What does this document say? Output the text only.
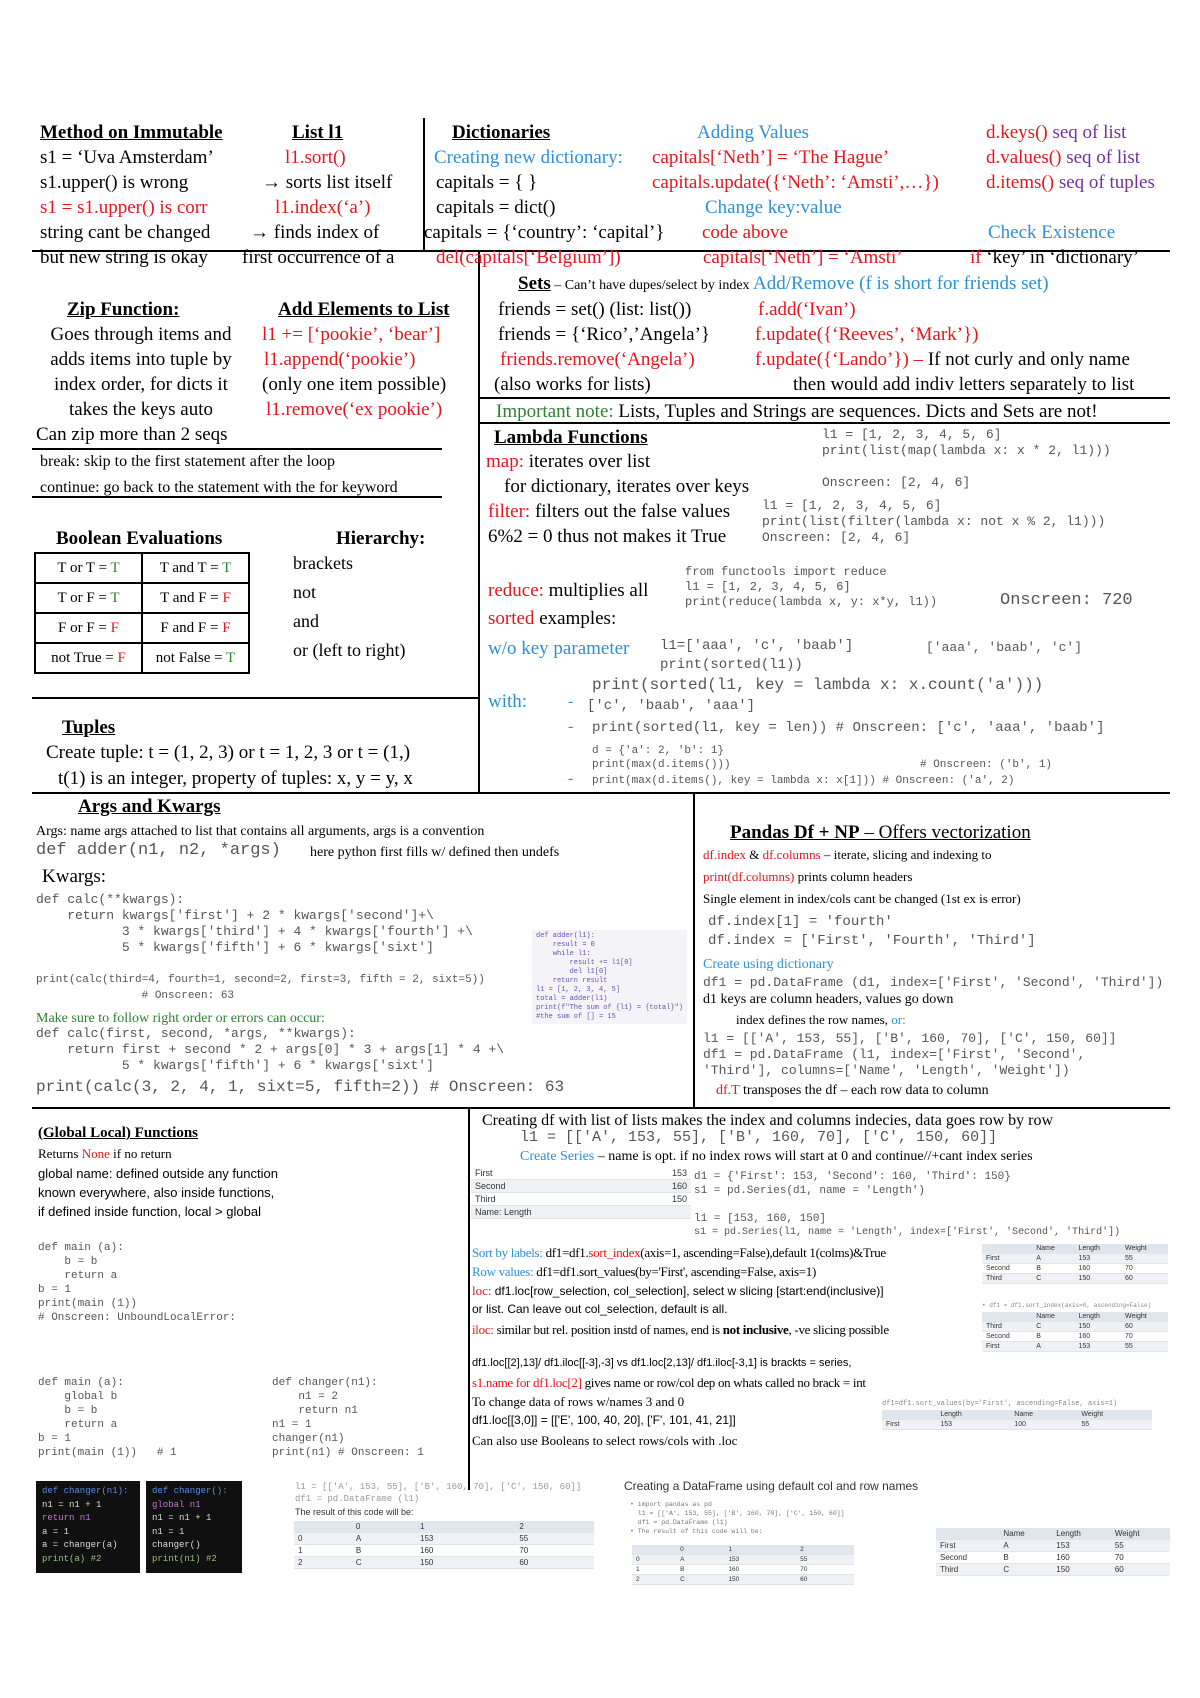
Method on Immutable
s1 = ‘Uva Amsterdam’
s1.upper() is wrong
s1 = s1.upper() is corr
string cant be changed
but new string is okay
List l1
l1.sort()
→ sorts list itself
l1.index(‘a’)
→ finds index of
first occurrence of a
Dictionaries	Adding Values
Creating new dictionary:
capitals = { }
capitals = dict()
capitals = {‘country’: ‘capital’}
del(capitals[‘Belgium’])
capitals[‘Neth’] = ‘The Hague’
capitals.update({‘Neth’: ‘Amsti’,…})
Change key:value
code above
capitals[‘Neth’] = ‘Amsti’
d.keys() seq of list
d.values() seq of list
d.items() seq of tuples
Check Existence
if ‘key’ in ‘dictionary’
Zip Function:
Goes through items and
adds items into tuple by
index order, for dicts it
takes the keys auto
Can zip more than 2 seqs
Add Elements to List
l1 += [‘pookie’, ‘bear’]
l1.append(‘pookie’)
(only one item possible)
l1.remove(‘ex pookie’)
break: skip to the first statement after the loop
continue: go back to the statement with the for keyword
Sets – Can’t have dupes/select by index Add/Remove (f is short for friends set)
friends = set() (list: list())
friends = {‘Rico’,’Angela’}
friends.remove(‘Angela’)
(also works for lists)
f.add(‘Ivan’)
f.update({‘Reeves’, ‘Mark’})
f.update({‘Lando’}) – If not curly and only name
then would add indiv letters separately to list
Important note: Lists, Tuples and Strings are sequences. Dicts and Sets are not!
Boolean Evaluations	Hierarchy:
T or T = T	T and T = T
T or F = T	T and F = F
F or F = F	F and F = F
not True = F	not False = T
brackets
not
and
or (left to right)
Tuples
Create tuple: t = (1, 2, 3) or t = 1, 2, 3 or t = (1,)
t(1) is an integer, property of tuples: x, y = y, x
Lambda Functions
map: iterates over list
for dictionary, iterates over keys
filter: filters out the false values
6%2 = 0 thus not makes it True
l1 = [1, 2, 3, 4, 5, 6]
print(list(map(lambda x: x * 2, l1)))
Onscreen: [2, 4, 6]
l1 = [1, 2, 3, 4, 5, 6]
print(list(filter(lambda x: not x % 2, l1)))
Onscreen: [2, 4, 6]
reduce: multiplies all
from functools import reduce
l1 = [1, 2, 3, 4, 5, 6]
print(reduce(lambda x, y: x*y, l1))	Onscreen: 720
sorted examples:
w/o key parameter l1=['aaa', 'c', 'baab']
print(sorted(l1))
['aaa', 'baab', 'c']
with:
print(sorted(l1, key = lambda x: x.count('a')))
- ['c', 'baab', 'aaa']
- print(sorted(l1, key = len)) # Onscreen: ['c', 'aaa', 'baab']
d = {'a': 2, 'b': 1}
print(max(d.items()))	# Onscreen: ('b', 1)
- print(max(d.items(), key = lambda x: x[1])) # Onscreen: ('a', 2)
Args and Kwargs
Args: name args attached to list that contains all arguments, args is a convention
def adder(n1, n2, *args) here python first fills w/ defined then undefs
Kwargs:
def calc(**kwargs):
return kwargs['first'] + 2 * kwargs['second']+\
3 * kwargs['third'] + 4 * kwargs['fourth'] +\
5 * kwargs['fifth'] + 6 * kwargs['sixt']
print(calc(third=4, fourth=1, second=2, first=3, fifth = 2, sixt=5))
# Onscreen: 63
def adder(l1):
result = 0
while l1:
result += l1[0]
del l1[0]
return result
l1 = [1, 2, 3, 4, 5]
total = adder(l1)
print(f"The sum of {l1} = {total}")
#the sum of [] = 15
Make sure to follow right order or errors can occur:
def calc(first, second, *args, **kwargs):
return first + second * 2 + args[0] * 3 + args[1] * 4 +\
5 * kwargs['fifth'] + 6 * kwargs['sixt']
print(calc(3, 2, 4, 1, sixt=5, fifth=2)) # Onscreen: 63
Pandas Df + NP – Offers vectorization
df.index & df.columns – iterate, slicing and indexing to
print(df.columns) prints column headers
Single element in index/cols cant be changed (1st ex is error)
df.index[1] = 'fourth'
df.index = ['First', 'Fourth', 'Third']
Create using dictionary
df1 = pd.DataFrame (d1, index=['First', 'Second', 'Third'])
d1 keys are column headers, values go down
index defines the row names, or:
l1 = [['A', 153, 55], ['B', 160, 70], ['C', 150, 60]]
df1 = pd.DataFrame (l1, index=['First', 'Second',
'Third'], columns=['Name', 'Length', 'Weight'])
df.T transposes the df – each row data to column
Creating df with list of lists makes the index and columns indecies, data goes row by row
l1 = [['A', 153, 55], ['B', 160, 70], ['C', 150, 60]]
Create Series – name is opt. if no index rows will start at 0 and continue//+cant index series
First	153
Second	160
Third	150
Name: Length	
d1 = {'First': 153, 'Second': 160, 'Third': 150}
s1 = pd.Series(d1, name = 'Length')
l1 = [153, 160, 150]
s1 = pd.Series(l1, name = 'Length', index=['First', 'Second', 'Third'])
Sort by labels: df1=df1.sort_index(axis=1, ascending=False),default 1(colms)&True
Row values: df1=df1.sort_values(by='First', ascending=False, axis=1)
loc: df1.loc[row_selection, col_selection], select w slicing [start:end(inclusive)]
or list. Can leave out col_selection, default is all.
iloc: similar but rel. position instd of names, end is not inclusive, -ve slicing possible
df1.loc[[2],13]/ df1.iloc[[-3],-3] vs df1.loc[2,13]/ df1.iloc[-3,1] is brackts = series,
s1.name for df1.loc[2] gives name or row/col dep on whats called no brack = int
To change data of rows w/names 3 and 0
df1.loc[[3,0]] = [['E', 100, 40, 20], ['F', 101, 41, 21]]
Can also use Booleans to select rows/cols with .loc
	Name	Length	Weight
First	A	153	55
Second	B	160	70
Third	C	150	60
• df1 = df1.sort_index(axis=0, ascending=False)
	Name	Length	Weight
Third	C	150	60
Second	B	160	70
First	A	153	55
df1=df1.sort_values(by='First', ascending=False, axis=1)
	Length	Name	Weight
First	153	100	55
(Global Local) Functions
Returns None if no return
global name: defined outside any function
known everywhere, also inside functions,
if defined inside function, local > global
def main (a):
b = b
return a
b = 1
print(main (1))
# Onscreen: UnboundLocalError:
def main (a):
global b
b = b
return a
b = 1
print(main (1))   # 1
def changer(n1):
n1 = 2
return n1
n1 = 1
changer(n1)
print(n1) # Onscreen: 1
def changer(n1):
n1 = n1 + 1
return n1
a = 1
a = changer(a)
print(a) #2
def changer():
global n1
n1 = n1 + 1
n1 = 1
changer()
print(n1) #2
l1 = [['A', 153, 55], ['B', 160, 70], ['C', 150, 60]]
df1 = pd.DataFrame (l1)
The result of this code will be:
	0	1	2
0	A	153	55
1	B	160	70
2	C	150	60
Creating a DataFrame using default col and row names
• import pandas as pd
l1 = [['A', 153, 55], ['B', 160, 70], ['C', 150, 60]]
df1 = pd.DataFrame (l1)
• The result of this code will be:
	0	1	2
0	A	153	55
1	B	160	70
2	C	150	60
	Name	Length	Weight
First	A	153	55
Second	B	160	70
Third	C	150	60
